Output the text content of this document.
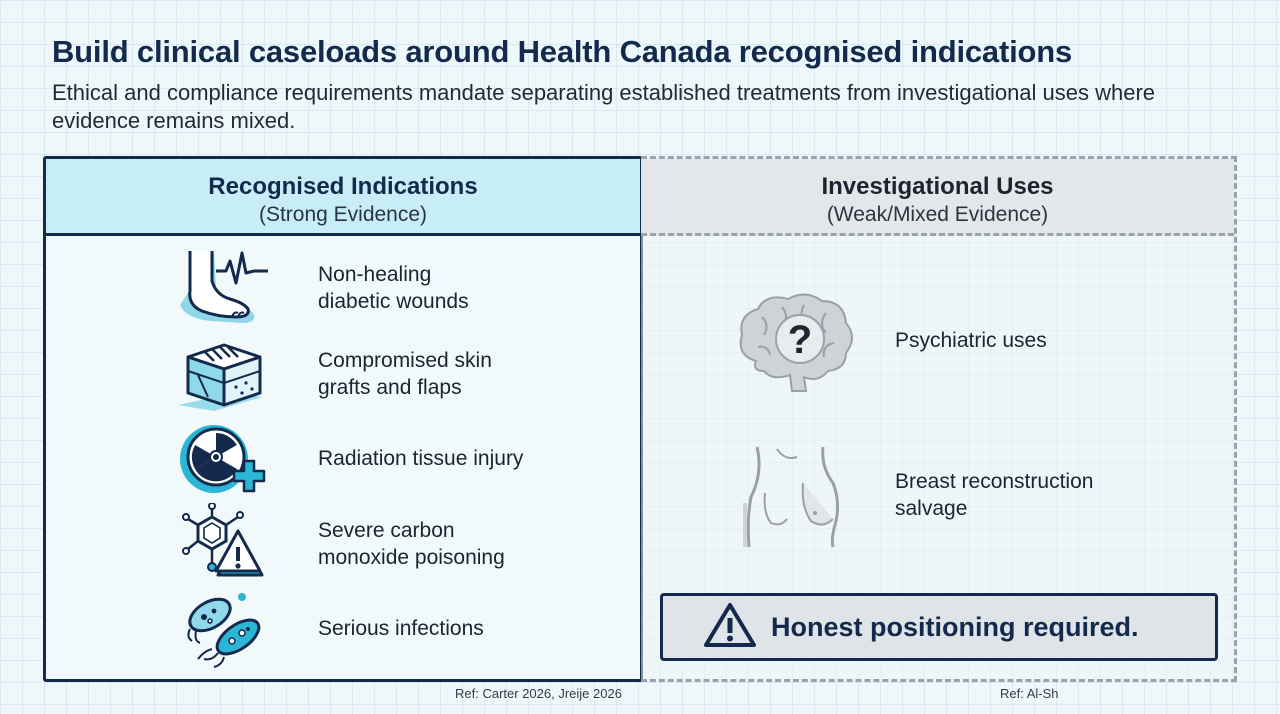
Build clinical caseloads around Health Canada recognised indications

Ethical and compliance requirements mandate separating established treatments from investigational uses where evidence remains mixed.

Recognised Indications
(Strong Evidence)
Non-healing
diabetic wounds
Compromised skin
grafts and flaps
Radiation tissue injury
Severe carbon
monoxide poisoning
Serious infections
Ref: Carter 2026, Jreije 2026
Investigational Uses
(Weak/Mixed Evidence)
?	Psychiatric uses
Breast reconstruction
salvage
Honest positioning required.
Ref: Al-Sh
